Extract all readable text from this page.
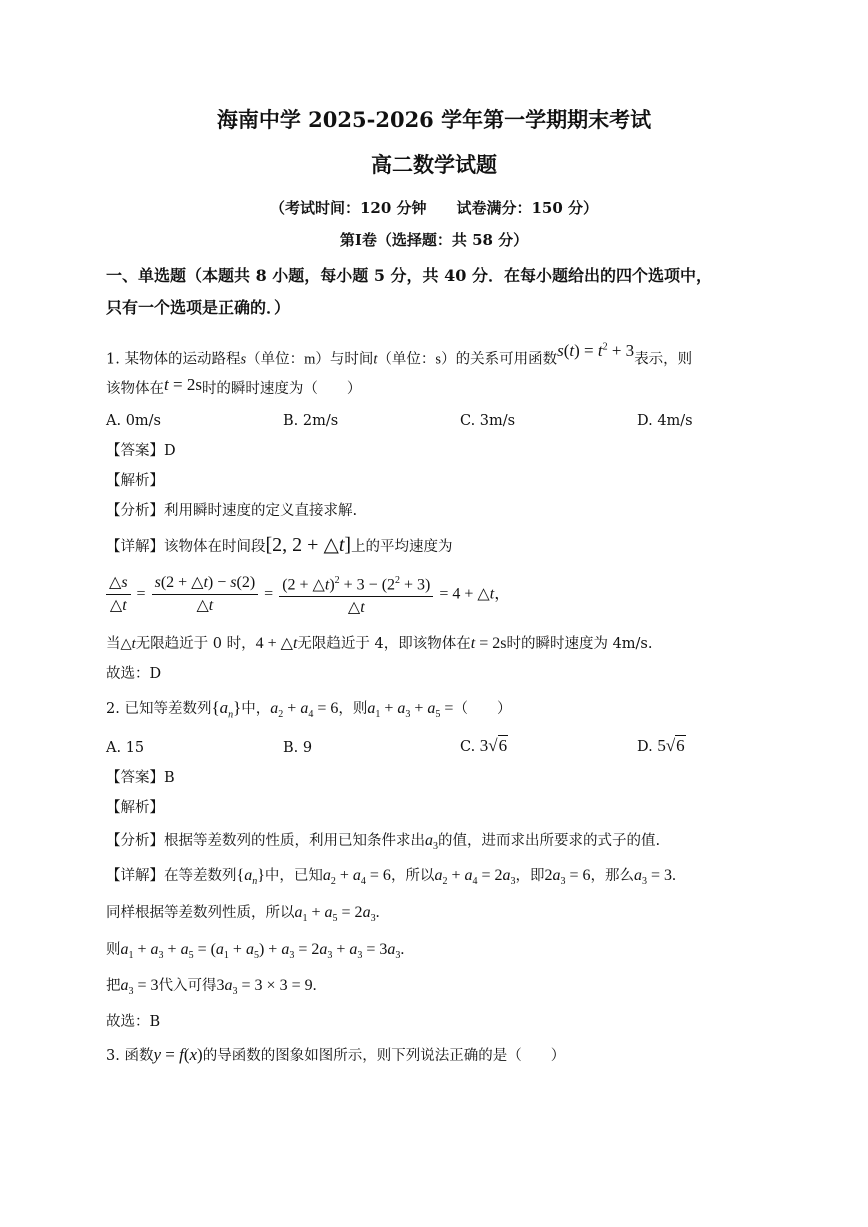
海南中学 2025-2026 学年第一学期期末考试
高二数学试题
（考试时间：120 分钟　　试卷满分：150 分）
第Ⅰ卷（选择题：共 58 分）
一、单选题（本题共 8 小题，每小题 5 分，共 40 分．在每小题给出的四个选项中，
只有一个选项是正确的．）
1. 某物体的运动路程s（单位：m）与时间t（单位：s）的关系可用函数$s(t) = t^2 + 3$表示，则
该物体在t = 2s时的瞬时速度为（　　）
A. 0m/s	B. 2m/s	C. 3m/s	D. 4m/s
【答案】D
【解析】
【分析】利用瞬时速度的定义直接求解.
【详解】该物体在时间段[2, 2 + △t]上的平均速度为
$\frac{\triangle s}{\triangle t} = \frac{s(2 + \triangle t) - s(2)}{\triangle t} = \frac{(2 + \triangle t)^2 + 3 - (2^2 + 3)}{\triangle t} = 4$ + △t，
当△t无限趋近于 0 时，4 + △t无限趋近于 4，即该物体在t = 2s时的瞬时速度为 4m/s.
故选：D
2. 已知等差数列$\{a_n\}$中，$a_2 + a_4 = 6$，则$a_1 + a_3 + a_5$ =（　　）
A. 15	B. 9	C. 3√6	D. 5√6
【答案】B
【解析】
【分析】根据等差数列的性质，利用已知条件求出$a_3$的值，进而求出所要求的式子的值.
【详解】在等差数列$\{a_n\}$中，已知$a_2 + a_4 = 6$，所以$a_2 + a_4 = 2a_3$，即$2a_3 = 6$，那么$a_3 = 3$.
同样根据等差数列性质，所以$a_1 + a_5 = 2a_3$.
则$a_1 + a_3 + a_5 = (a_1 + a_5) + a_3 = 2a_3 + a_3 = 3a_3$.
把$a_3 = 3$代入可得$3a_3 = 3 \times 3 = 9$.
故选：B
3. 函数y = f(x)的导函数的图象如图所示，则下列说法正确的是（　　）
